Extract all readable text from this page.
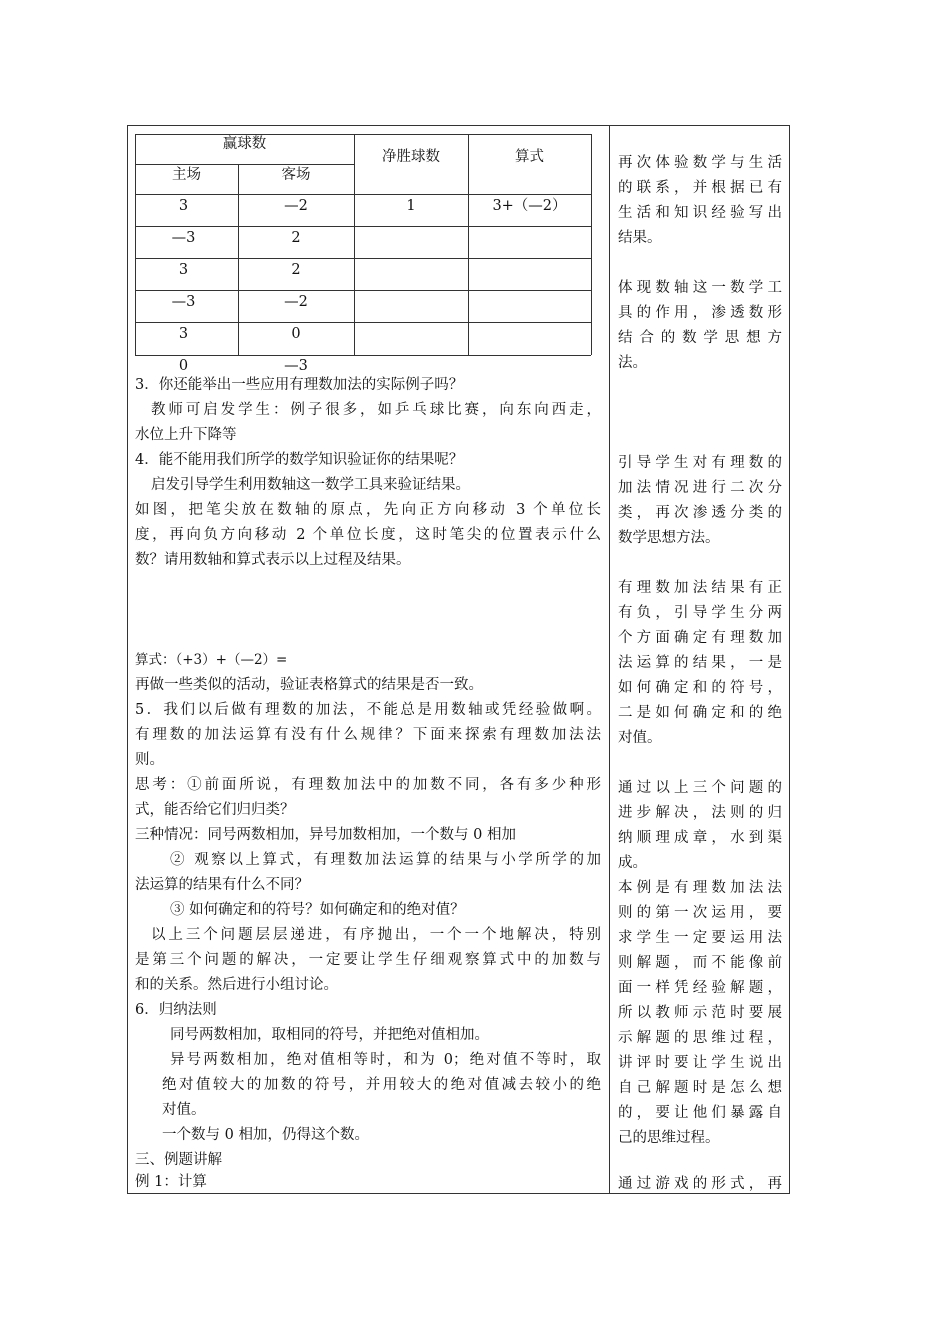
赢球数
主场	客场
净胜球数	算式
3	—2	1	3+（—2）
—3	2
3	2
—3	—2
3	0
0	—3
3．你还能举出一些应用有理数加法的实际例子吗？
教师可启发学生：例子很多，如乒乓球比赛，向东向西走，
水位上升下降等
4．能不能用我们所学的数学知识验证你的结果呢？
启发引导学生利用数轴这一数学工具来验证结果。
如图，把笔尖放在数轴的原点，先向正方向移动 3 个单位长
度，再向负方向移动 2 个单位长度，这时笔尖的位置表示什么
数？请用数轴和算式表示以上过程及结果。
算式：（+3）+（—2）=
再做一些类似的活动，验证表格算式的结果是否一致。
5．我们以后做有理数的加法，不能总是用数轴或凭经验做啊。
有理数的加法运算有没有什么规律？下面来探索有理数加法法
则。
思考：①前面所说，有理数加法中的加数不同，各有多少种形
式，能否给它们归归类？
三种情况：同号两数相加，异号加数相加，一个数与 0 相加
② 观察以上算式，有理数加法运算的结果与小学所学的加
法运算的结果有什么不同？
③ 如何确定和的符号？如何确定和的绝对值？
以上三个问题层层递进，有序抛出，一个一个地解决，特别
是第三个问题的解决，一定要让学生仔细观察算式中的加数与
和的关系。然后进行小组讨论。
6．归纳法则
同号两数相加，取相同的符号，并把绝对值相加。
异号两数相加，绝对值相等时，和为 0；绝对值不等时，取
绝对值较大的加数的符号，并用较大的绝对值减去较小的绝
对值。
一个数与 0 相加，仍得这个数。
三、例题讲解
例 1：计算
再次体验数学与生活
的联系，并根据已有
生活和知识经验写出
结果。
体现数轴这一数学工
具的作用，渗透数形
结合的数学思想方
法。
引导学生对有理数的
加法情况进行二次分
类，再次渗透分类的
数学思想方法。
有理数加法结果有正
有负，引导学生分两
个方面确定有理数加
法运算的结果，一是
如何确定和的符号，
二是如何确定和的绝
对值。
通过以上三个问题的
进步解决，法则的归
纳顺理成章，水到渠
成。
本例是有理数加法法
则的第一次运用，要
求学生一定要运用法
则解题，而不能像前
面一样凭经验解题，
所以教师示范时要展
示解题的思维过程，
讲评时要让学生说出
自己解题时是怎么想
的，要让他们暴露自
己的思维过程。
通过游戏的形式，再
